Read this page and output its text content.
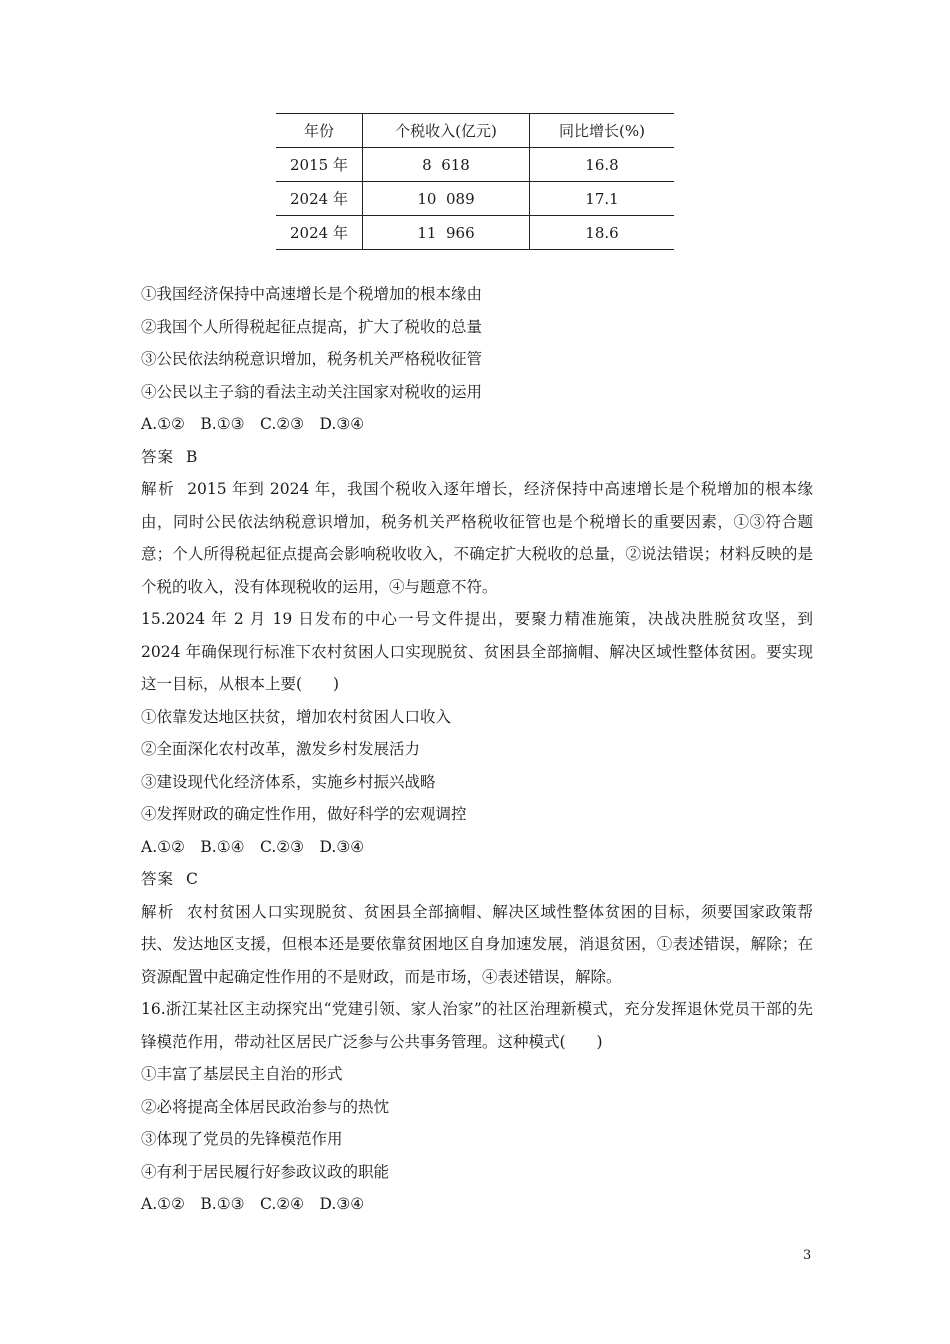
年份	个税收入(亿元)	同比增长(%)
2015 年	8  618	16.8
2024 年	10  089	17.1
2024 年	11  966	18.6

①我国经济保持中高速增长是个税增加的根本缘由

②我国个人所得税起征点提高，扩大了税收的总量

③公民依法纳税意识增加，税务机关严格税收征管

④公民以主子翁的看法主动关注国家对税收的运用

A.①②　B.①③　C.②③　D.③④

答案 B

解析 2015 年到 2024 年，我国个税收入逐年增长，经济保持中高速增长是个税增加的根本缘由，同时公民依法纳税意识增加，税务机关严格税收征管也是个税增长的重要因素，①③符合题意；个人所得税起征点提高会影响税收收入，不确定扩大税收的总量，②说法错误；材料反映的是个税的收入，没有体现税收的运用，④与题意不符。

15.2024 年 2 月 19 日发布的中心一号文件提出，要聚力精准施策，决战决胜脱贫攻坚，到 2024 年确保现行标准下农村贫困人口实现脱贫、贫困县全部摘帽、解决区域性整体贫困。要实现这一目标，从根本上要(　　)

①依靠发达地区扶贫，增加农村贫困人口收入

②全面深化农村改革，激发乡村发展活力

③建设现代化经济体系，实施乡村振兴战略

④发挥财政的确定性作用，做好科学的宏观调控

A.①②　B.①④　C.②③　D.③④

答案 C

解析 农村贫困人口实现脱贫、贫困县全部摘帽、解决区域性整体贫困的目标，须要国家政策帮扶、发达地区支援，但根本还是要依靠贫困地区自身加速发展，消退贫困，①表述错误，解除；在资源配置中起确定性作用的不是财政，而是市场，④表述错误，解除。

16.浙江某社区主动探究出“党建引领、家人治家”的社区治理新模式，充分发挥退休党员干部的先锋模范作用，带动社区居民广泛参与公共事务管理。这种模式(　　)

①丰富了基层民主自治的形式

②必将提高全体居民政治参与的热忱

③体现了党员的先锋模范作用

④有利于居民履行好参政议政的职能

A.①②　B.①③　C.②④　D.③④

3
